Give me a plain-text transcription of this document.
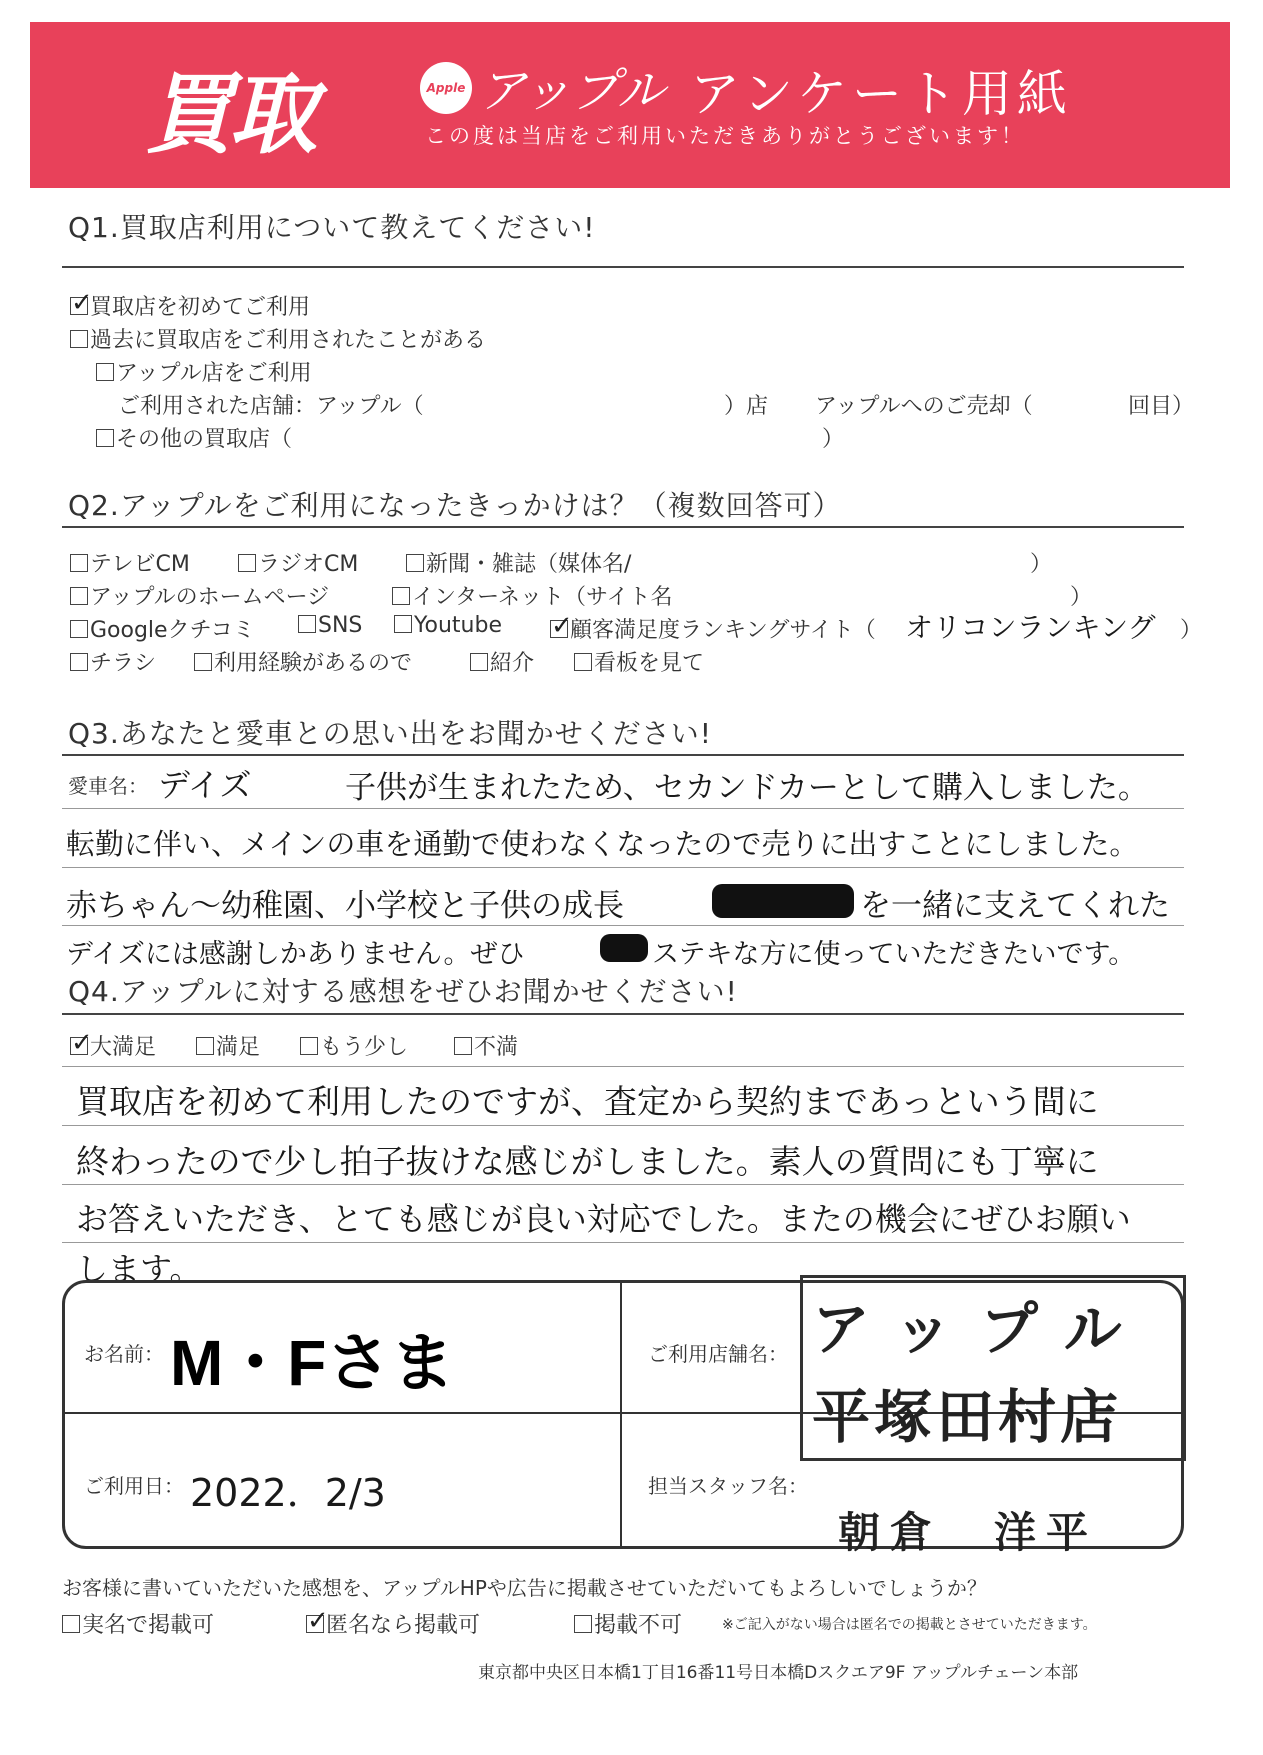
買取	Apple アップル アンケート用紙
この度は当店をご利用いただきありがとうございます！
Q1.買取店利用について教えてください!
✓買取店を初めてご利用
過去に買取店をご利用されたことがある
アップル店をご利用
ご利用された店舗：アップル（	）店 アップルへのご売却（	回目）
その他の買取店（	）
Q2.アップルをご利用になったきっかけは？（複数回答可）
テレビCM	ラジオCM	新聞・雑誌（媒体名/	）
アップルのホームページ	インターネット（サイト名	）
Googleクチコミ	SNS	Youtube ✓	顧客満足度ランキングサイト（ オリコンランキング ）
チラシ	利用経験があるので	紹介	看板を見て
Q3.あなたと愛車との思い出をお聞かせください!
愛車名： デイズ	子供が生まれたため、セカンドカーとして購入しました。
転勤に伴い、メインの車を通勤で使わなくなったので売りに出すことにしました。
赤ちゃん〜幼稚園、小学校と子供の成長	を一緒に支えてくれた
デイズには感謝しかありません。ぜひ	ステキな方に使っていただきたいです。
Q4.アップルに対する感想をぜひお聞かせください!
✓大満足	満足	もう少し	不満
買取店を初めて利用したのですが、査定から契約まであっという間に
終わったので少し拍子抜けな感じがしました。素人の質問にも丁寧に
お答えいただき、とても感じが良い対応でした。またの機会にぜひお願い
します。
お名前： M・Fさま	ご利用店舗名： アップル
平塚田村店
ご利用日： 2022．2/3	担当スタッフ名：
朝倉　洋平
お客様に書いていただいた感想を、アップルHPや広告に掲載させていただいてもよろしいでしょうか？
実名で掲載可 ✓	匿名なら掲載可	掲載不可	※ご記入がない場合は匿名での掲載とさせていただきます。
東京都中央区日本橋1丁目16番11号日本橋Dスクエア9F アップルチェーン本部
